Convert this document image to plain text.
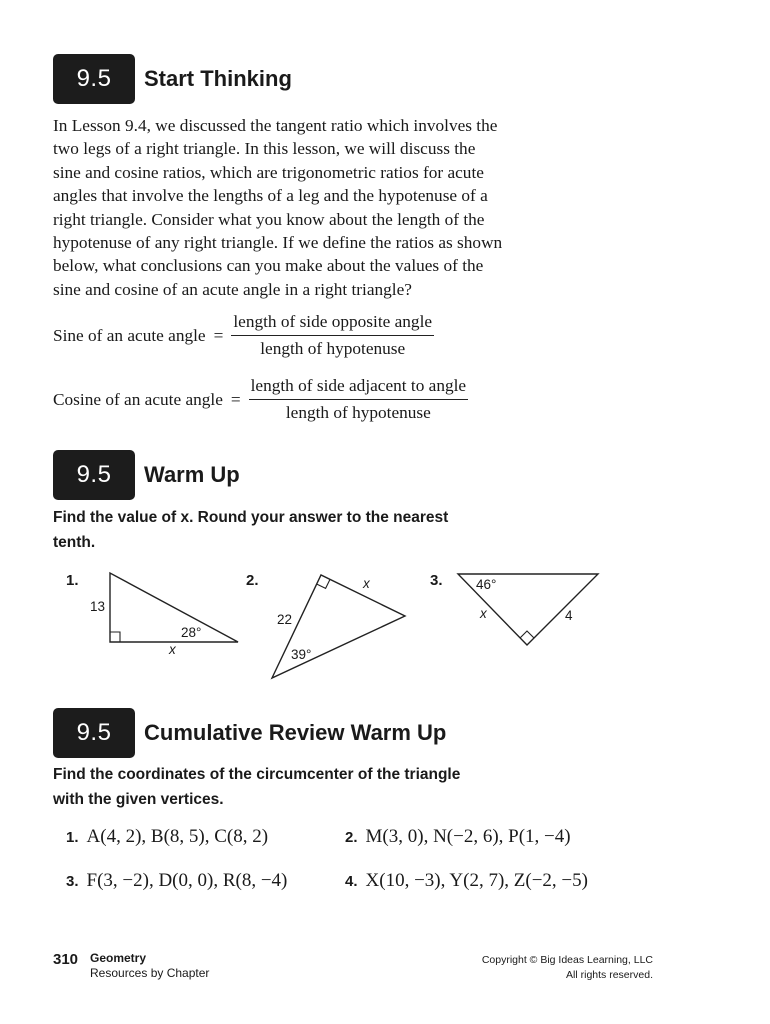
9.5 Start Thinking
In Lesson 9.4, we discussed the tangent ratio which involves the
two legs of a right triangle. In this lesson, we will discuss the
sine and cosine ratios, which are trigonometric ratios for acute
angles that involve the lengths of a leg and the hypotenuse of a
right triangle. Consider what you know about the length of the
hypotenuse of any right triangle. If we define the ratios as shown
below, what conclusions can you make about the values of the
sine and cosine of an acute angle in a right triangle?
Sine of an acute angle = $\frac{\text{length of side opposite angle}}{\text{length of hypotenuse}}$
Cosine of an acute angle = $\frac{\text{length of side adjacent to angle}}{\text{length of hypotenuse}}$
9.5 Warm Up
Find the value of x. Round your answer to the nearest
tenth.
1.
13
28°
x
2.
22
39°
x	3. 46°
x	4
9.5 Cumulative Review Warm Up
Find the coordinates of the circumcenter of the triangle
with the given vertices.
1. A(4, 2), B(8, 5), C(8, 2)	2. M(3, 0), N(−2, 6), P(1, −4)
3. F(3, −2), D(0, 0), R(8, −4)	4. X(10, −3), Y(2, 7), Z(−2, −5)
310 Geometry
Resources by Chapter
Copyright © Big Ideas Learning, LLC
All rights reserved.
